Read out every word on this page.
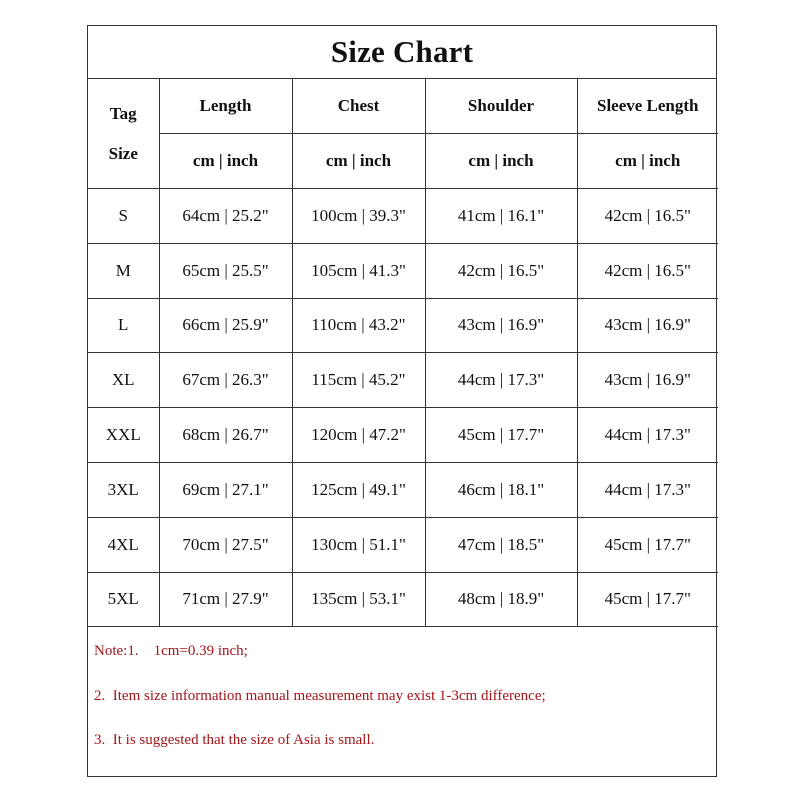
Size Chart
Tag
Size	Length	Chest	Shoulder	Sleeve Length
	cm | inch	cm | inch	cm | inch	cm | inch
S	64cm | 25.2"	100cm | 39.3"	41cm | 16.1"	42cm | 16.5"
M	65cm | 25.5"	105cm | 41.3"	42cm | 16.5"	42cm | 16.5"
L	66cm | 25.9"	110cm | 43.2"	43cm | 16.9"	43cm | 16.9"
XL	67cm | 26.3"	115cm | 45.2"	44cm | 17.3"	43cm | 16.9"
XXL	68cm | 26.7"	120cm | 47.2"	45cm | 17.7"	44cm | 17.3"
3XL	69cm | 27.1"	125cm | 49.1"	46cm | 18.1"	44cm | 17.3"
4XL	70cm | 27.5"	130cm | 51.1"	47cm | 18.5"	45cm | 17.7"
5XL	71cm | 27.9"	135cm | 53.1"	48cm | 18.9"	45cm | 17.7"
Note:1.    1cm=0.39 inch;
2.  Item size information manual measurement may exist 1-3cm difference;
3.  It is suggested that the size of Asia is small.
